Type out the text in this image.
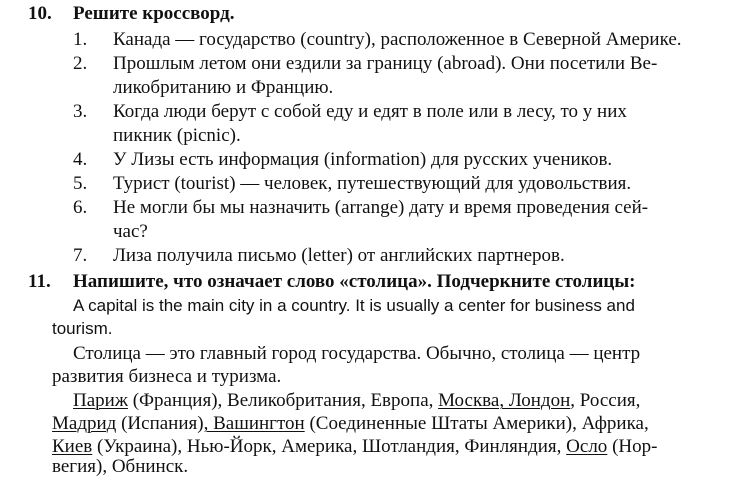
10. Решите кроссворд.
1. Канада — государство (country), расположенное в Северной Америке.
2. Прошлым летом они ездили за границу (abroad). Они посетили Ве-
ликобританию и Францию.
3. Когда люди берут с собой еду и едят в поле или в лесу, то у них
пикник (picnic).
4. У Лизы есть информация (information) для русских учеников.
5. Турист (tourist) — человек, путешествующий для удовольствия.
6. Не могли бы мы назначить (arrange) дату и время проведения сей-
час?
7. Лиза получила письмо (letter) от английских партнеров.
11. Напишите, что означает слово «столица». Подчеркните столицы:
A capital is the main city in a country. It is usually a center for business and
tourism.
Столица — это главный город государства. Обычно, столица — центр
развития бизнеса и туризма.
Париж (Франция), Великобритания, Европа, Москва, Лондон, Россия,
Мадрид (Испания), Вашингтон (Соединенные Штаты Америки), Африка,
Киев (Украина), Нью-Йорк, Америка, Шотландия, Финляндия, Осло (Нор-
вегия), Обнинск.
